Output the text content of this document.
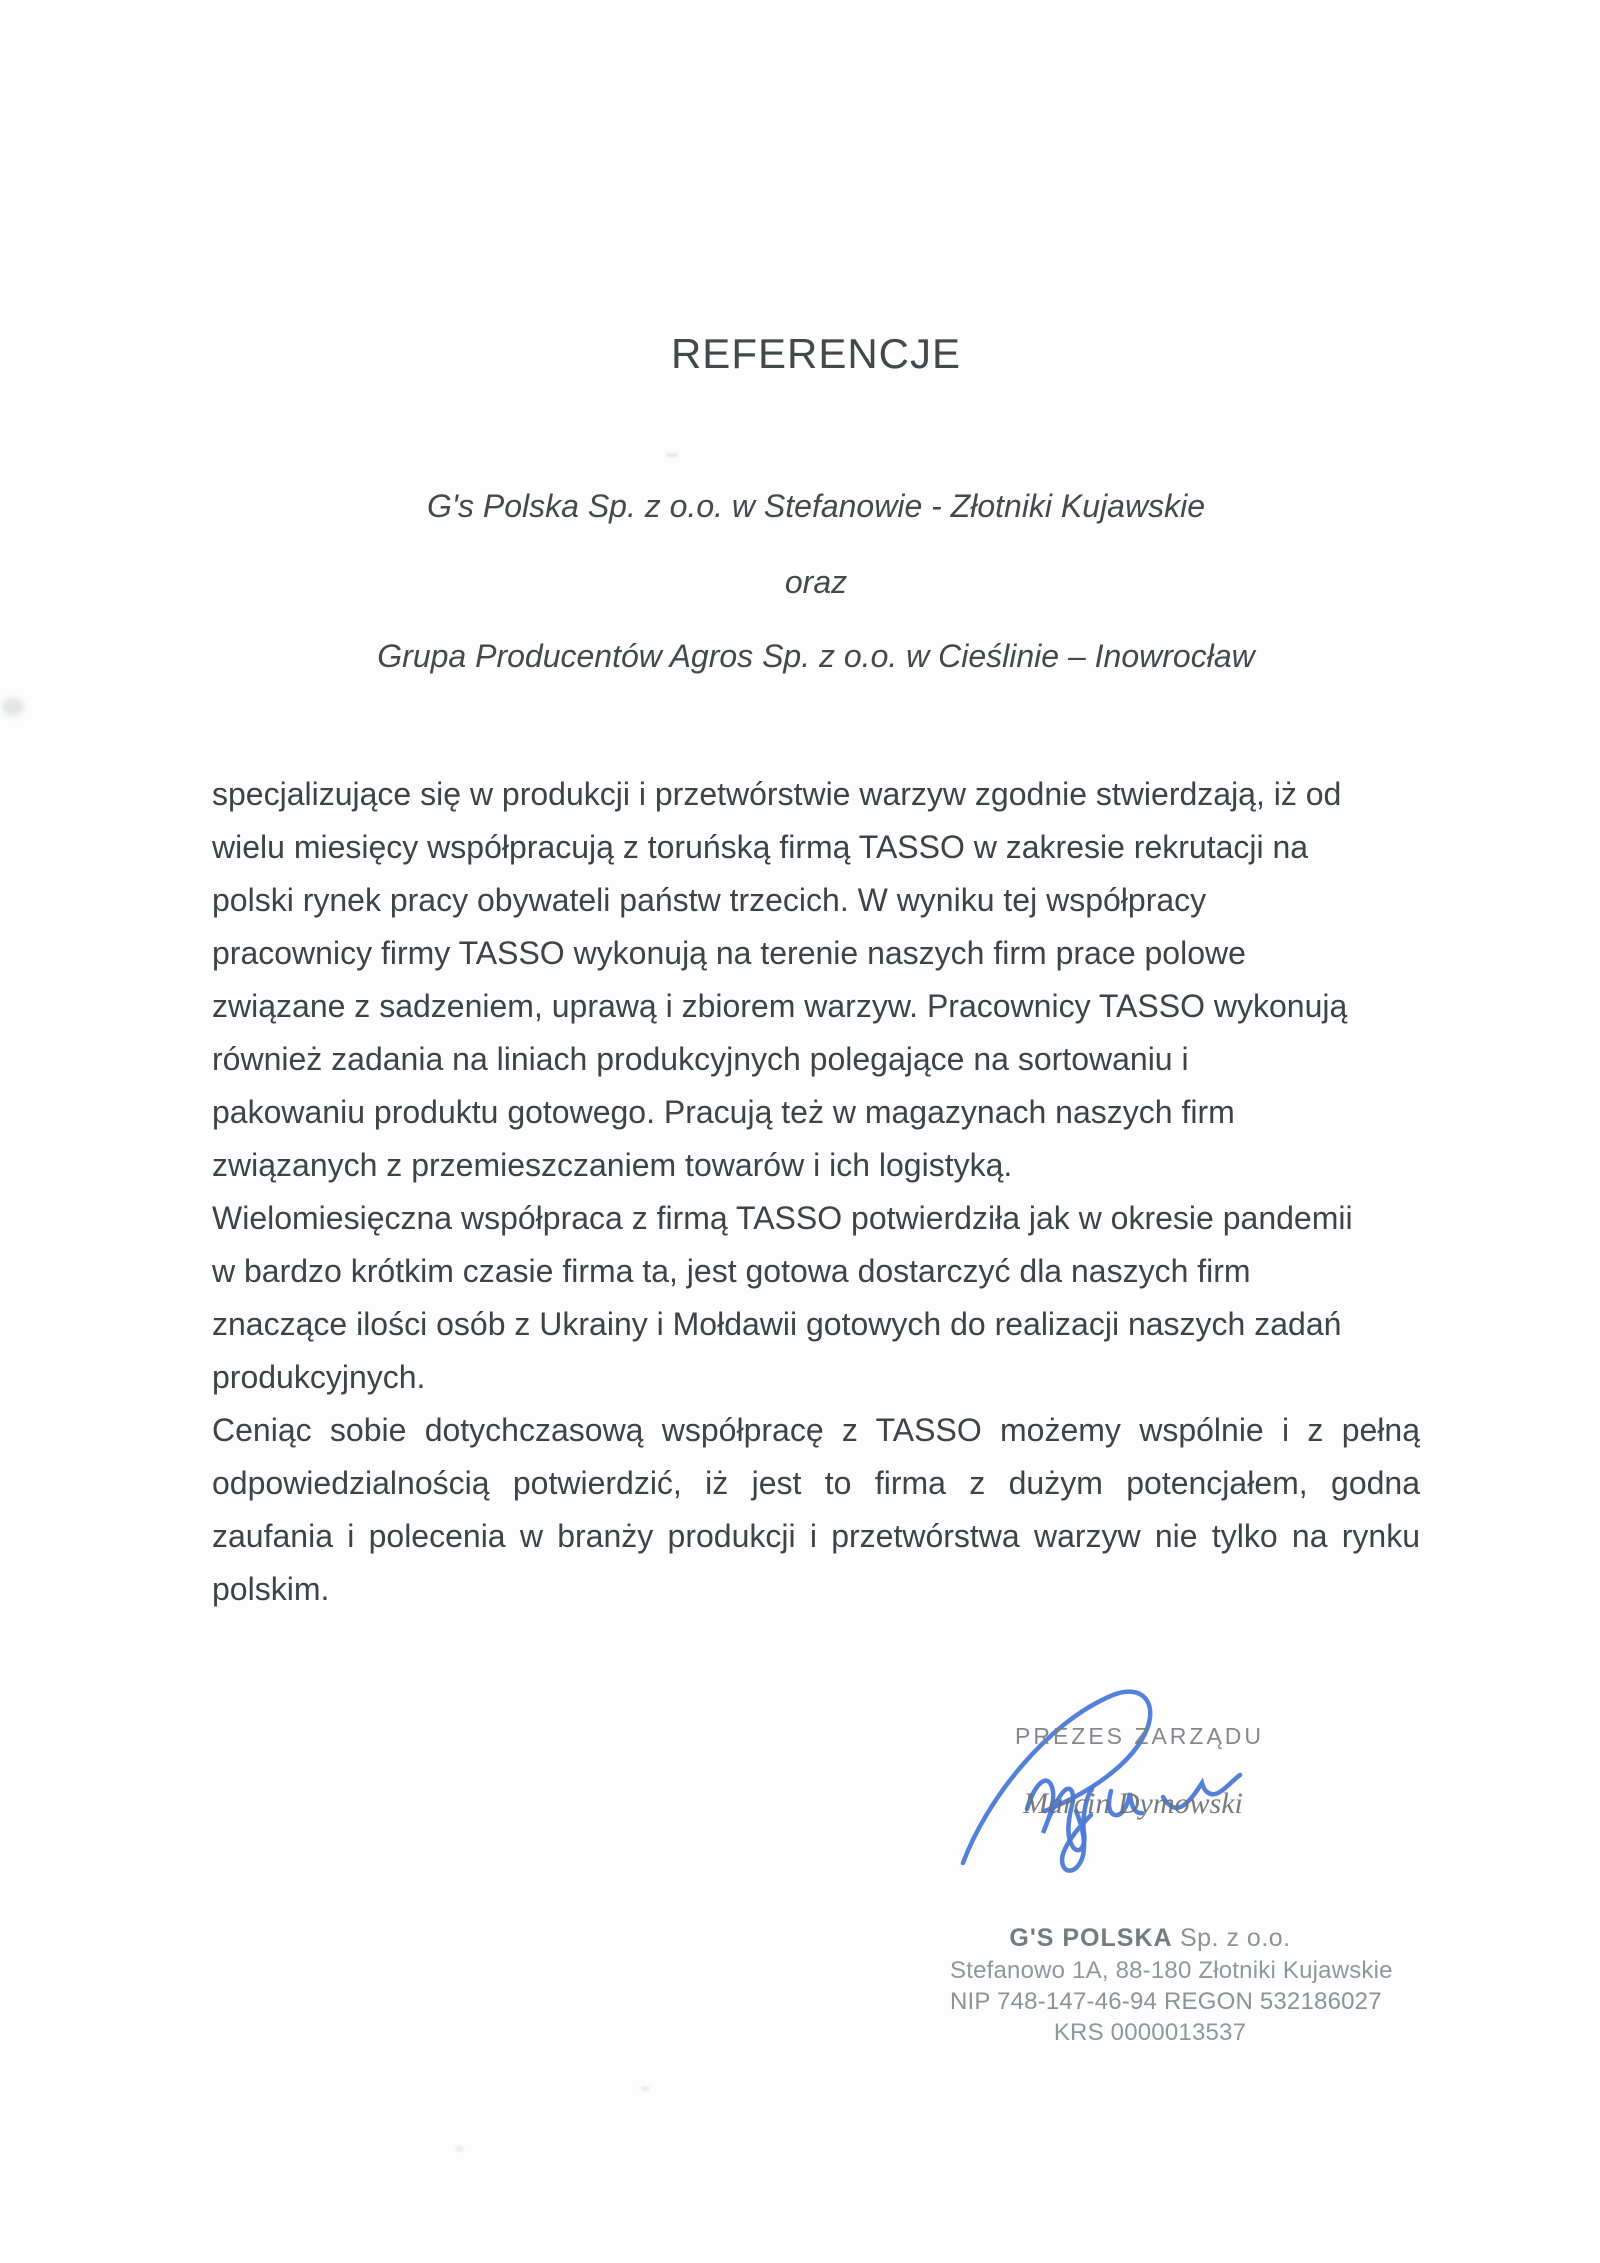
REFERENCJE
G's Polska Sp. z o.o. w Stefanowie - Złotniki Kujawskie
oraz
Grupa Producentów Agros Sp. z o.o. w Cieślinie – Inowrocław
specjalizujące się w produkcji i przetwórstwie warzyw zgodnie stwierdzają, iż od
wielu miesięcy współpracują z toruńską firmą TASSO w zakresie rekrutacji na
polski rynek pracy obywateli państw trzecich. W wyniku tej współpracy
pracownicy firmy TASSO wykonują na terenie naszych firm prace polowe
związane z sadzeniem, uprawą i zbiorem warzyw. Pracownicy TASSO wykonują
również zadania na liniach produkcyjnych polegające na sortowaniu i
pakowaniu produktu gotowego. Pracują też w magazynach naszych firm
związanych z przemieszczaniem towarów i ich logistyką.
Wielomiesięczna współpraca z firmą TASSO potwierdziła jak w okresie pandemii
w bardzo krótkim czasie firma ta, jest gotowa dostarczyć dla naszych firm
znaczące ilości osób z Ukrainy i Mołdawii gotowych do realizacji naszych zadań
produkcyjnych.
Ceniąc sobie dotychczasową współpracę z TASSO możemy wspólnie i z pełną
odpowiedzialnością potwierdzić, iż jest to firma z dużym potencjałem, godna
zaufania i polecenia w branży produkcji i przetwórstwa warzyw nie tylko na rynku
polskim.
PREZES ZARZĄDU
Marcin Dymowski
G'S POLSKA Sp. z o.o.
Stefanowo 1A, 88-180 Złotniki Kujawskie
NIP 748-147-46-94 REGON 532186027
KRS 0000013537
